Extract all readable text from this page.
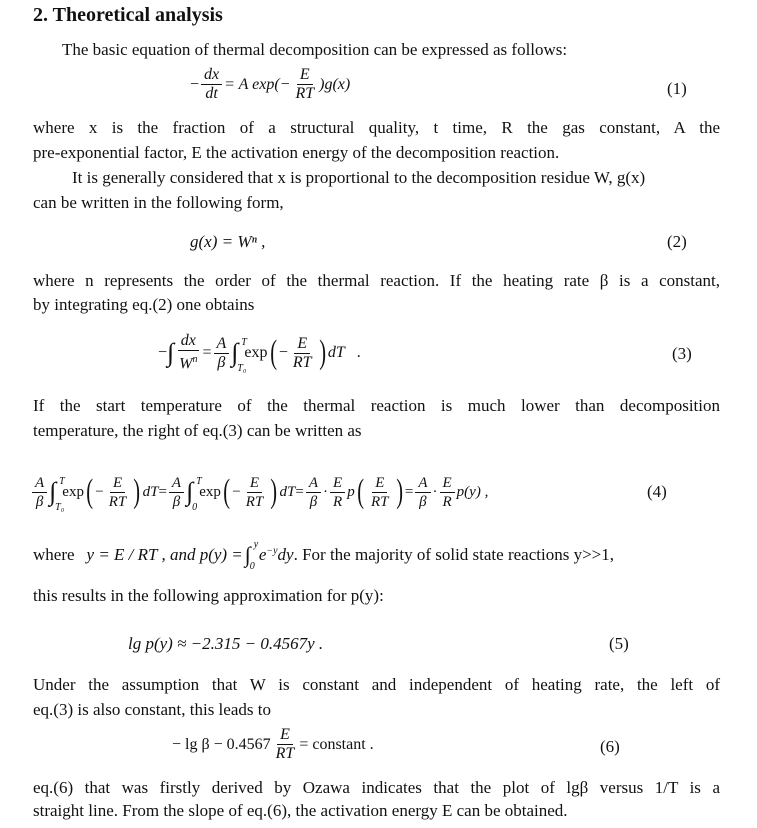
2. Theoretical analysis
The basic equation of thermal decomposition can be expressed as follows:
− $\frac{dx}{dt} = A$ $\exp(- \frac{E}{RT} )g(x)$	(1)
where x is the fraction of a structural quality, t time, R the gas constant, A the
pre-exponential factor, E the activation energy of the decomposition reaction.
It is generally considered that x is proportional to the decomposition residue W, g(x)
can be written in the following form,
g(x) = Wⁿ ,	(2)
where n represents the order of the thermal reaction. If the heating rate β is a constant,
by integrating eq.(2) one obtains
− ∫ $\frac{dx}{W^n} = \frac{A}{\beta}$ ∫ T
T₀
exp ( − $\frac{E}{RT}$ ) dT .	(3)
If the start temperature of the thermal reaction is much lower than decomposition
temperature, the right of eq.(3) can be written as
$\frac{A}{\beta}$ ∫ T
T₀
exp ( − $\frac{E}{RT}$ ) dT = $\frac{A}{\beta}$ ∫ T
0
exp ( − $\frac{E}{RT}$ ) dT = $\frac{A}{\beta} \cdot \frac{E}{R}$ p ( $\frac{E}{RT}$ ) = $\frac{A}{\beta} \cdot \frac{E}{R} p(y)$ ,	(4)
where y = E / RT , and p(y) = ∫ y
0
$e^{-y}dy$ . For the majority of solid state reactions y>>1,
this results in the following approximation for p(y):
lg p(y) ≈ −2.315 − 0.4567y .	(5)
Under the assumption that W is constant and independent of heating rate, the left of
eq.(3) is also constant, this leads to
− $\lg \beta - 0.4567 \frac{E}{RT}$ = constant .	(6)
eq.(6) that was firstly derived by Ozawa indicates that the plot of lgβ versus 1/T is a
straight line. From the slope of eq.(6), the activation energy E can be obtained.
